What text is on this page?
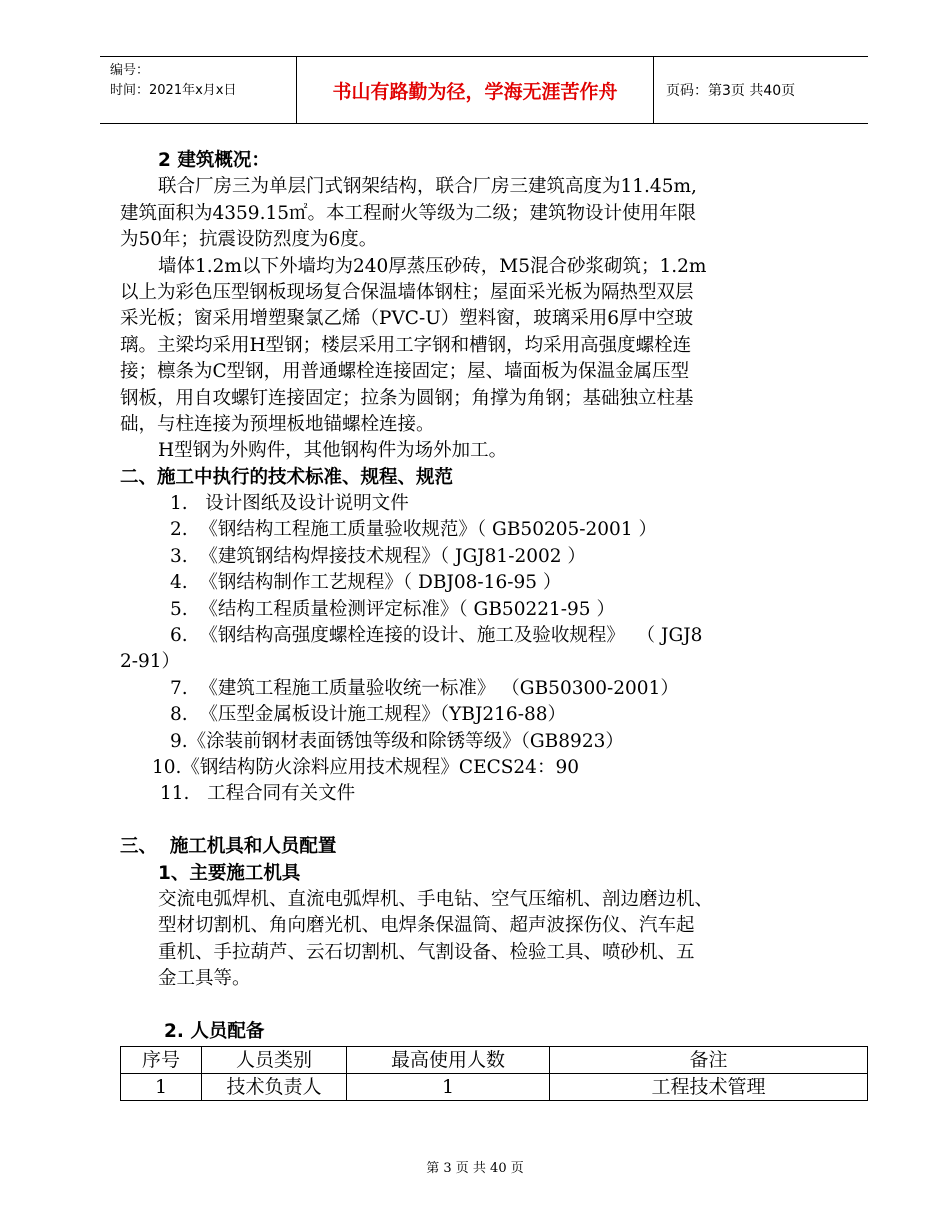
编号：
时间：2021年x月x日	书山有路勤为径，学海无涯苦作舟	页码：第3页 共40页
2 建筑概况：
联合厂房三为单层门式钢架结构，联合厂房三建筑高度为11.45m,
建筑面积为4359.15㎡。本工程耐火等级为二级；建筑物设计使用年限
为50年；抗震设防烈度为6度。
墙体1.2m以下外墙均为240厚蒸压砂砖，M5混合砂浆砌筑；1.2m
以上为彩色压型钢板现场复合保温墙体钢柱；屋面采光板为隔热型双层
采光板；窗采用增塑聚氯乙烯（PVC-U）塑料窗，玻璃采用6厚中空玻
璃。主梁均采用H型钢；楼层采用工字钢和槽钢，均采用高强度螺栓连
接；檩条为C型钢，用普通螺栓连接固定；屋、墙面板为保温金属压型
钢板，用自攻螺钉连接固定；拉条为圆钢；角撑为角钢；基础独立柱基
础，与柱连接为预埋板地锚螺栓连接。
H型钢为外购件，其他钢构件为场外加工。
二、施工中执行的技术标准、规程、规范
1.   设计图纸及设计说明文件
2.  《钢结构工程施工质量验收规范》（ GB50205-2001 ）
3.  《建筑钢结构焊接技术规程》（ JGJ81-2002 ）
4.  《钢结构制作工艺规程》（ DBJ08-16-95 ）
5.  《结构工程质量检测评定标准》（ GB50221-95 ）
6.  《钢结构高强度螺栓连接的设计、施工及验收规程》  （ JGJ8
2-91）
7.  《建筑工程施工质量验收统一标准》 （GB50300-2001）
8.  《压型金属板设计施工规程》（YBJ216-88）
9.《涂装前钢材表面锈蚀等级和除锈等级》（GB8923）
10.《钢结构防火涂料应用技术规程》CECS24：90
11.   工程合同有关文件
三、  施工机具和人员配置
1、主要施工机具
交流电弧焊机、直流电弧焊机、手电钻、空气压缩机、剖边磨边机、
型材切割机、角向磨光机、电焊条保温筒、超声波探伤仪、汽车起
重机、手拉葫芦、云石切割机、气割设备、检验工具、喷砂机、五
金工具等。
2. 人员配备
序号	人员类别	最高使用人数	备注
1	技术负责人	1	工程技术管理
第 3 页 共 40 页
